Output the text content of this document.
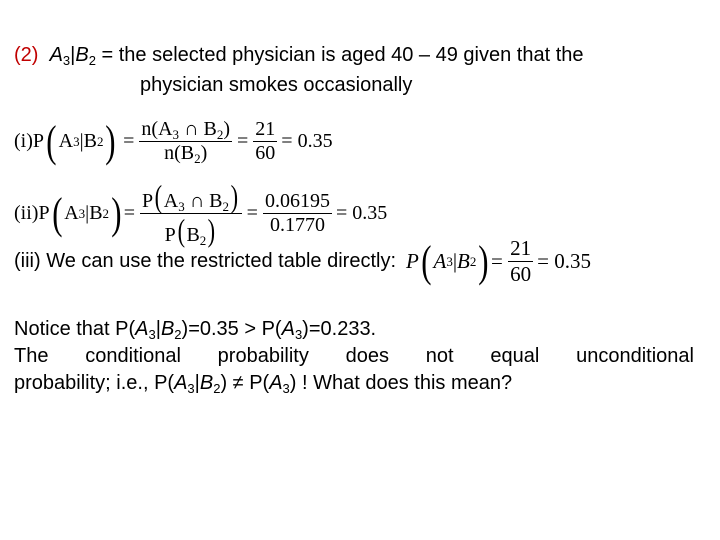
(2) $A_3|B_2$ = the selected physician is aged 40 – 49 given that the
physician smokes occasionally
(i) P ( A 3 | B 2 ) = $\frac{n(A_3 \cap B_2)}{n(B_2)} = \frac{21}{60} = 0.35$
(ii) P ( A 3 | B 2 ) = $\frac{P(A_3 \cap B_2)}{P(B_2)} = \frac{0.06195}{0.1770} = 0.35$
(iii) We can use the restricted table directly: P ( A 3 | B 2 ) = $\frac{21}{60} = 0.35$
Notice that $P(A_3|B_2)=0.35 > P(A_3)=0.233$.
The conditional probability does not equal unconditional
probability; i.e., $P(A_3|B_2) \ne P(A_3)$ ! What does this mean?
